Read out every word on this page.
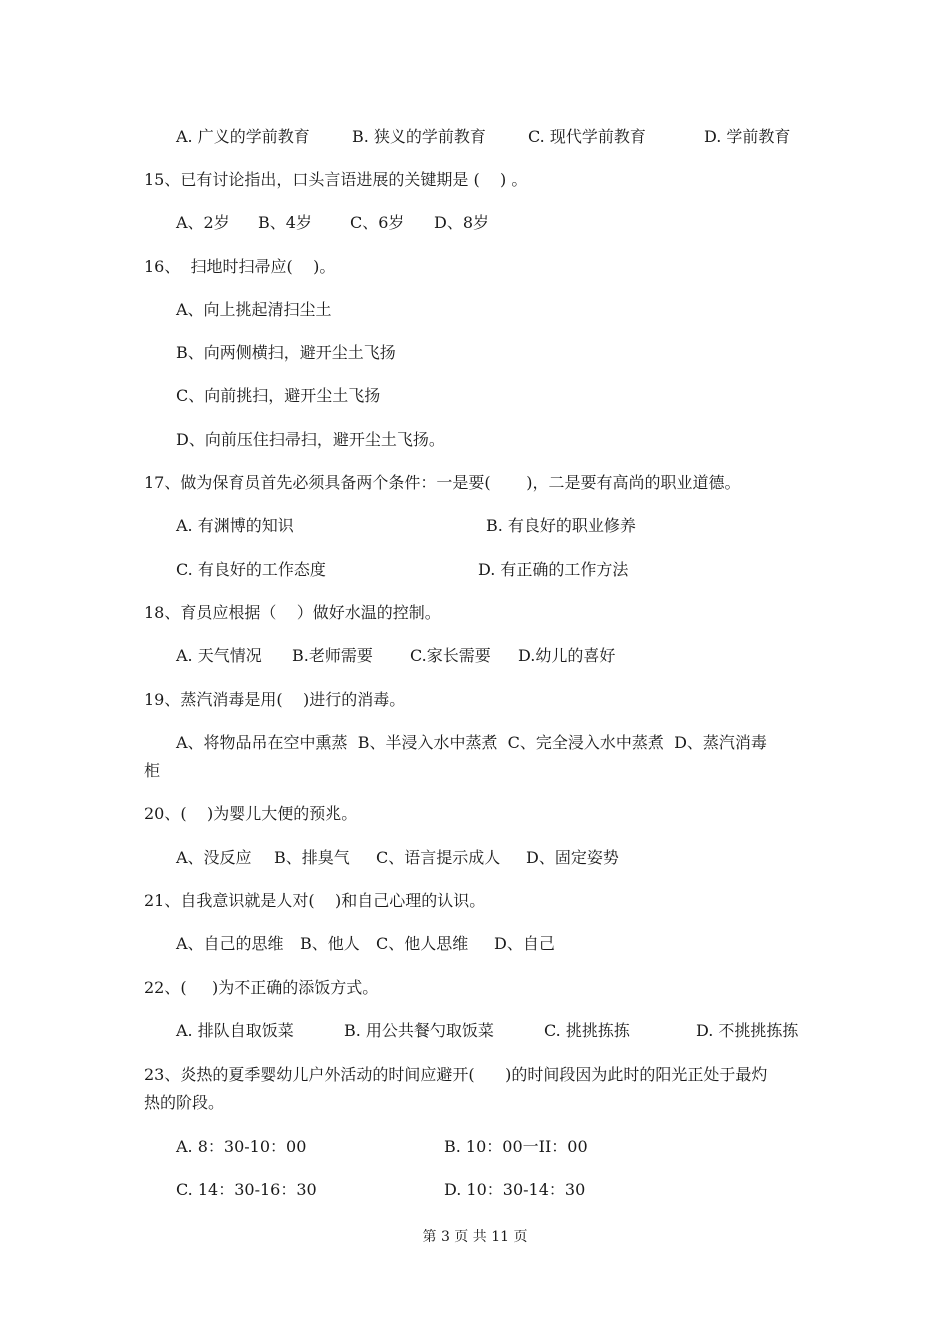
A. 广义的学前教育	B. 狭义的学前教育	C. 现代学前教育	D. 学前教育
15、已有讨论指出，口头言语进展的关键期是 (    ) 。
A、2岁 B、4岁 C、6岁 D、8岁
16、  扫地时扫帚应(    )。
A、向上挑起清扫尘土
B、向两侧横扫，避开尘土飞扬
C、向前挑扫，避开尘土飞扬
D、向前压住扫帚扫，避开尘土飞扬。
17、做为保育员首先必须具备两个条件：一是要(       )，二是要有高尚的职业道德。
A. 有渊博的知识	B. 有良好的职业修养
C. 有良好的工作态度	D. 有正确的工作方法
18、育员应根据（    ）做好水温的控制。
A. 天气情况 B.老师需要 C.家长需要 D.幼儿的喜好
19、蒸汽消毒是用(    )进行的消毒。
A、将物品吊在空中熏蒸  B、半浸入水中蒸煮  C、完全浸入水中蒸煮  D、蒸汽消毒
柜
20、(    )为婴儿大便的预兆。
A、没反应 B、排臭气 C、语言提示成人 D、固定姿势
21、自我意识就是人对(    )和自己心理的认识。
A、自己的思维 B、他人 C、他人思维 D、自己
22、(     )为不正确的添饭方式。
A. 排队自取饭菜	B. 用公共餐勺取饭菜	C. 挑挑拣拣	D. 不挑挑拣拣
23、炎热的夏季婴幼儿户外活动的时间应避开(      )的时间段因为此时的阳光正处于最灼
热的阶段。
A. 8：30-10：00	B. 10：00一II：00
C. 14：30-16：30	D. 10：30-14：30
第 3 页 共 11 页
